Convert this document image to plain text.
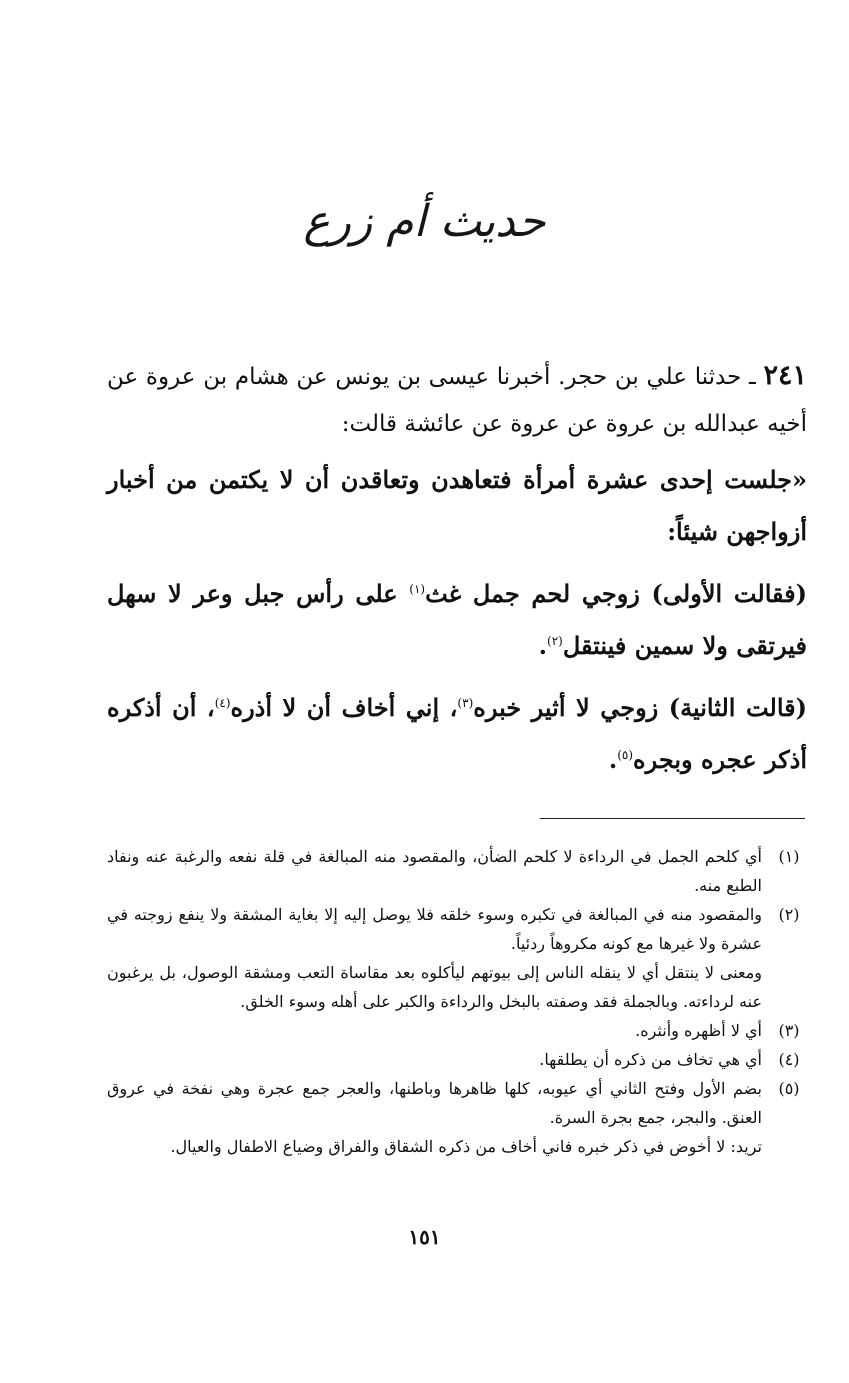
حديث أم زرع

٢٤١ ـ حدثنا علي بن حجر. أخبرنا عيسى بن يونس عن هشام بن عروة عن أخيه عبدالله بن عروة عن عروة عن عائشة قالت:

«جلست إحدى عشرة أمرأة فتعاهدن وتعاقدن أن لا يكتمن من أخبار أزواجهن شيئاً:

(فقالت الأولى) زوجي لحم جمل غث$^{(١)}$ على رأس جبل وعر لا سهل فيرتقى ولا سمين فينتقل$^{(٢)}$.

(قالت الثانية) زوجي لا أثير خبره$^{(٣)}$، إني أخاف أن لا أذره$^{(٤)}$، أن أذكره أذكر عجره وبجره$^{(٥)}$.

(١)
أي كلحم الجمل في الرداءة لا كلحم الضأن، والمقصود منه المبالغة في قلة نفعه والرغبة عنه ونفاد الطبع منه.

(٢)
والمقصود منه في المبالغة في تكبره وسوء خلقه فلا يوصل إليه إلا بغاية المشقة ولا ينفع زوجته في عشرة ولا غيرها مع كونه مكروهاً ردئياً.

ومعنى لا ينتقل أي لا ينقله الناس إلى بيوتهم ليأكلوه بعد مقاساة التعب ومشقة الوصول، بل يرغبون عنه لرداءته. وبالجملة فقد وصفته بالبخل والرداءة والكبر على أهله وسوء الخلق.

(٣)
أي لا أظهره وأنثره.

(٤)
أي هي تخاف من ذكره أن يطلقها.

(٥)
بضم الأول وفتح الثاني أي عيوبه، كلها ظاهرها وباطنها، والعجر جمع عجرة وهي نفخة في عروق العنق. والبجر، جمع بجرة السرة.

تريد: لا أخوض في ذكر خبره فاني أخاف من ذكره الشقاق والفراق وضياع الاطفال والعيال.

١٥١
